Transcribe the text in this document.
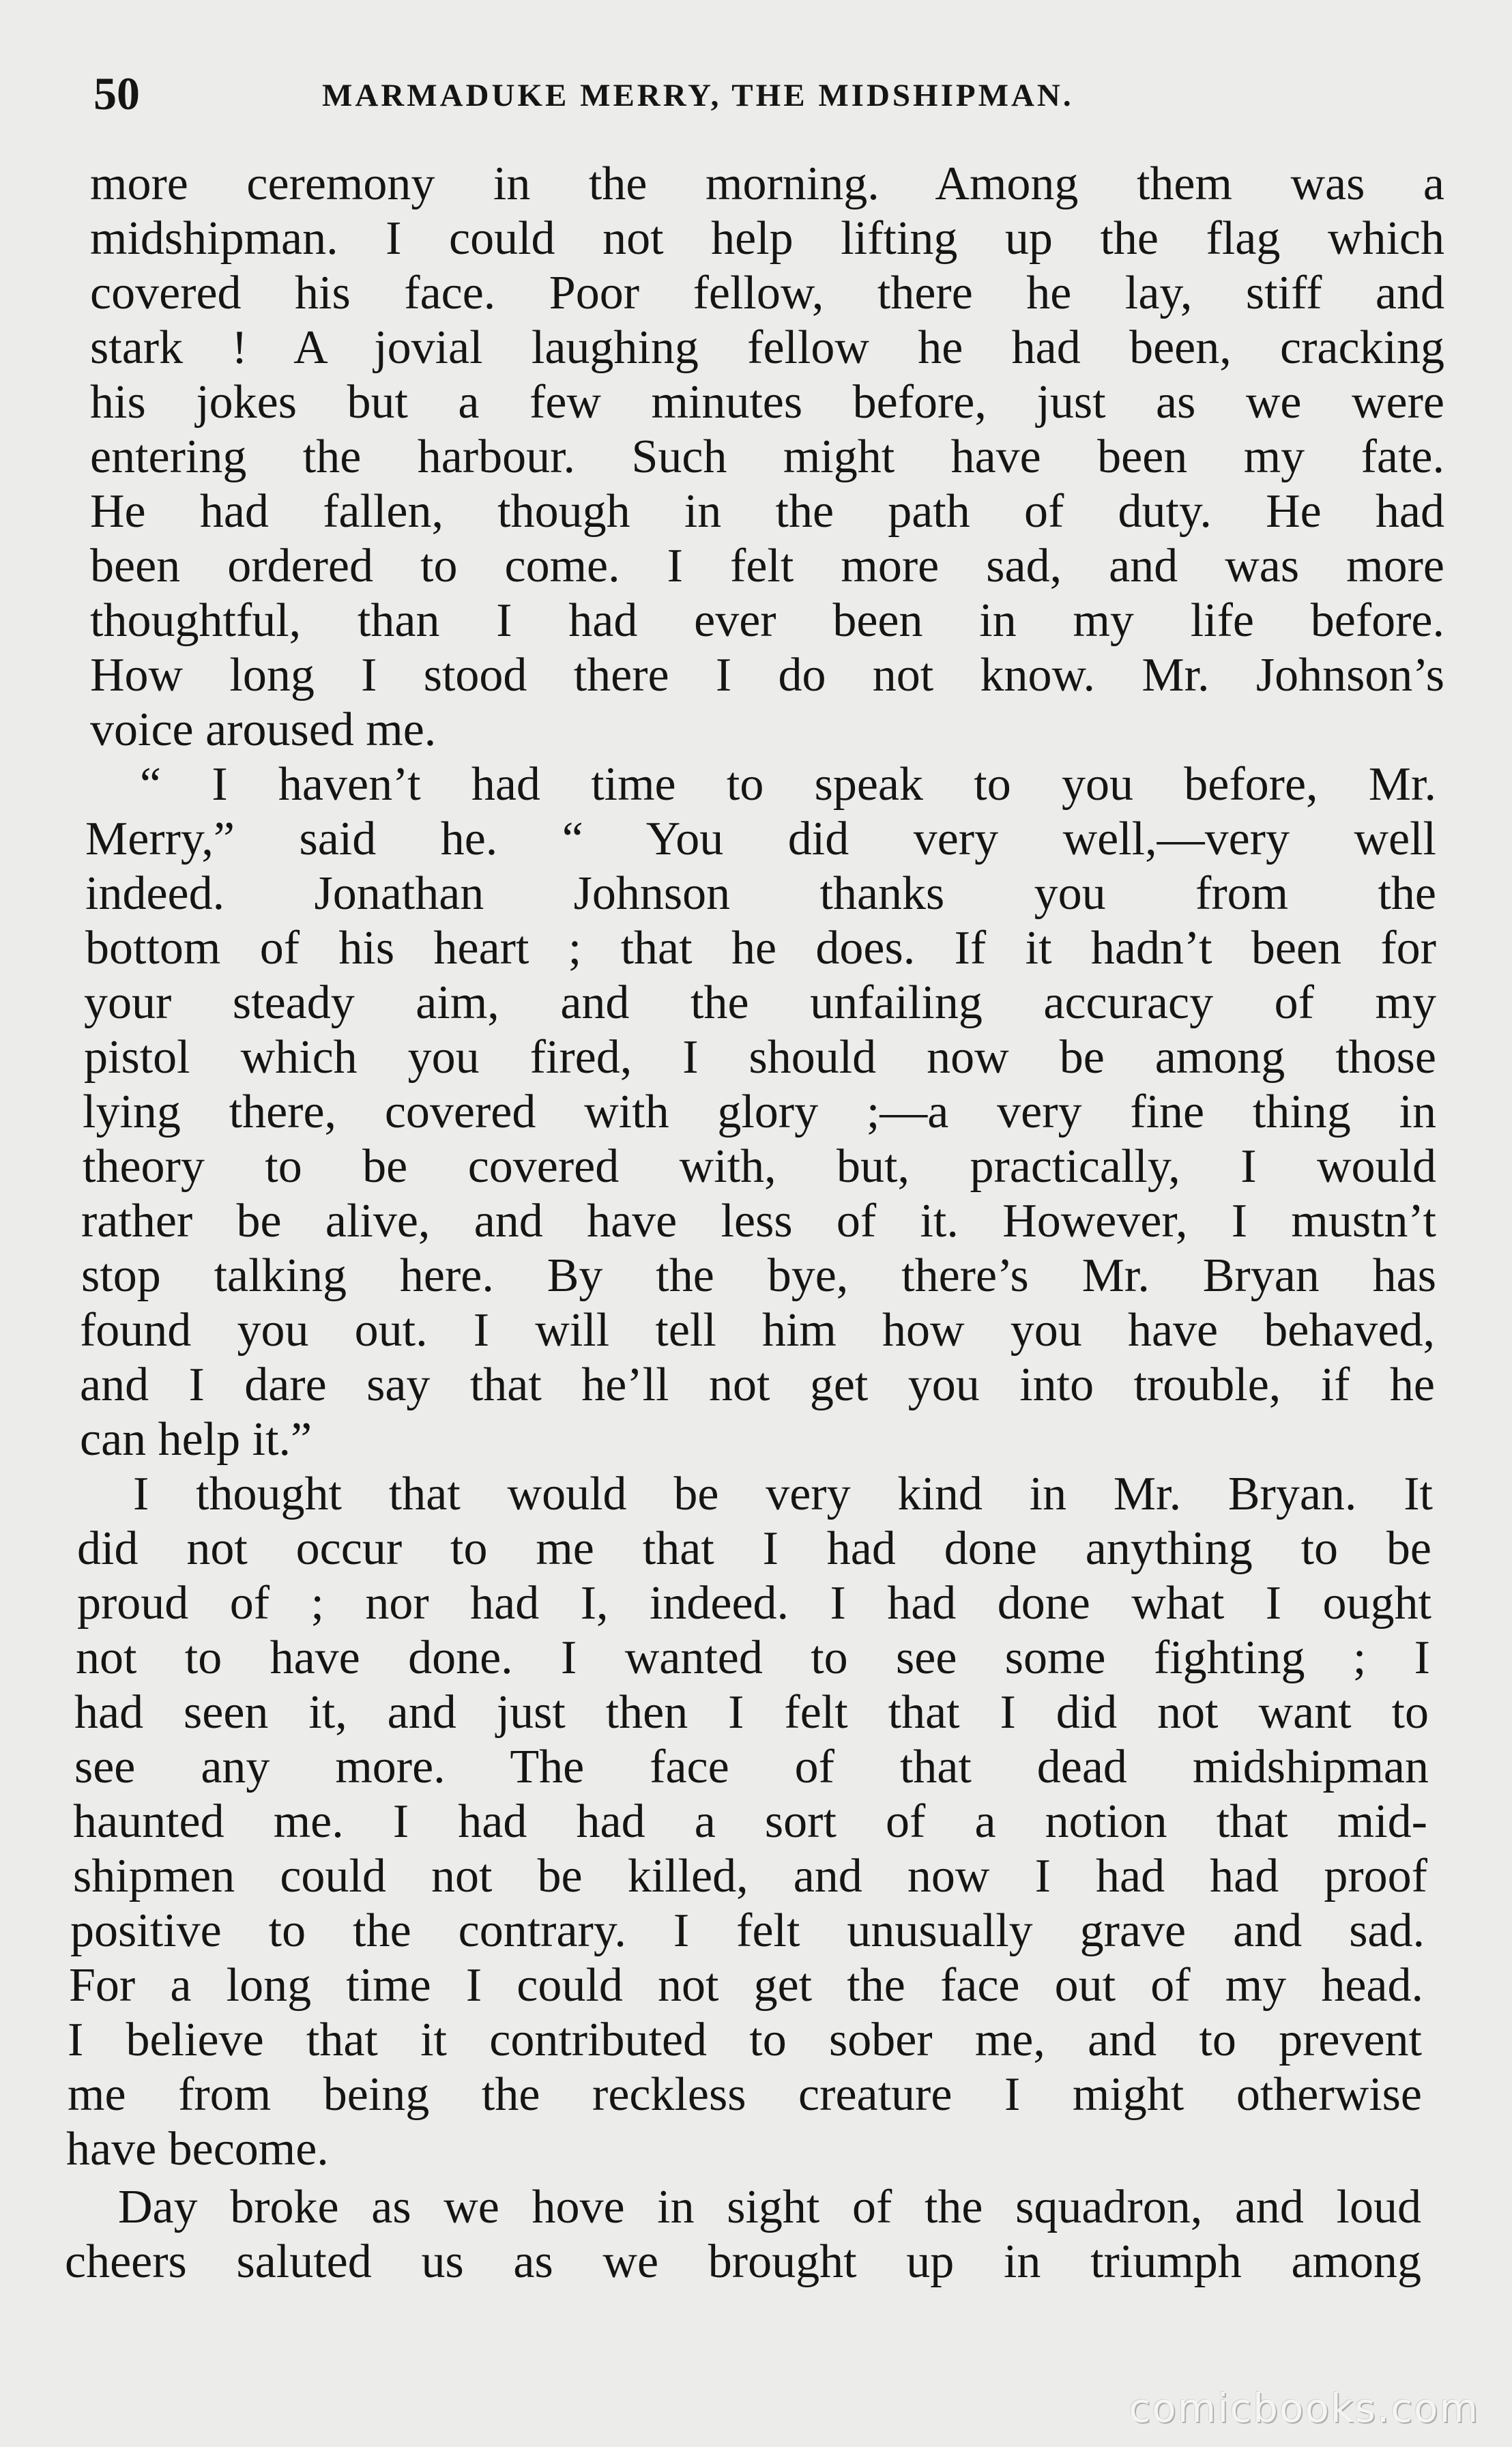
50	MARMADUKE MERRY, THE MIDSHIPMAN.
more ceremony in the morning. Among them was a
midshipman. I could not help lifting up the flag which
covered his face. Poor fellow, there he lay, stiff and
stark ! A jovial laughing fellow he had been, cracking
his jokes but a few minutes before, just as we were
entering the harbour. Such might have been my fate.
He had fallen, though in the path of duty. He had
been ordered to come. I felt more sad, and was more
thoughtful, than I had ever been in my life before.
How long I stood there I do not know. Mr. Johnson’s
voice aroused me.
“ I haven’t had time to speak to you before, Mr.
Merry,” said he. “ You did very well,—very well
indeed. Jonathan Johnson thanks you from the
bottom of his heart ; that he does. If it hadn’t been for
your steady aim, and the unfailing accuracy of my
pistol which you fired, I should now be among those
lying there, covered with glory ;—a very fine thing in
theory to be covered with, but, practically, I would
rather be alive, and have less of it. However, I mustn’t
stop talking here. By the bye, there’s Mr. Bryan has
found you out. I will tell him how you have behaved,
and I dare say that he’ll not get you into trouble, if he
can help it.”
I thought that would be very kind in Mr. Bryan. It
did not occur to me that I had done anything to be
proud of ; nor had I, indeed. I had done what I ought
not to have done. I wanted to see some fighting ; I
had seen it, and just then I felt that I did not want to
see any more. The face of that dead midshipman
haunted me. I had had a sort of a notion that mid-
shipmen could not be killed, and now I had had proof
positive to the contrary. I felt unusually grave and sad.
For a long time I could not get the face out of my head.
I believe that it contributed to sober me, and to prevent
me from being the reckless creature I might otherwise
have become.
Day broke as we hove in sight of the squadron, and loud
cheers saluted us as we brought up in triumph among
comicbooks.com
